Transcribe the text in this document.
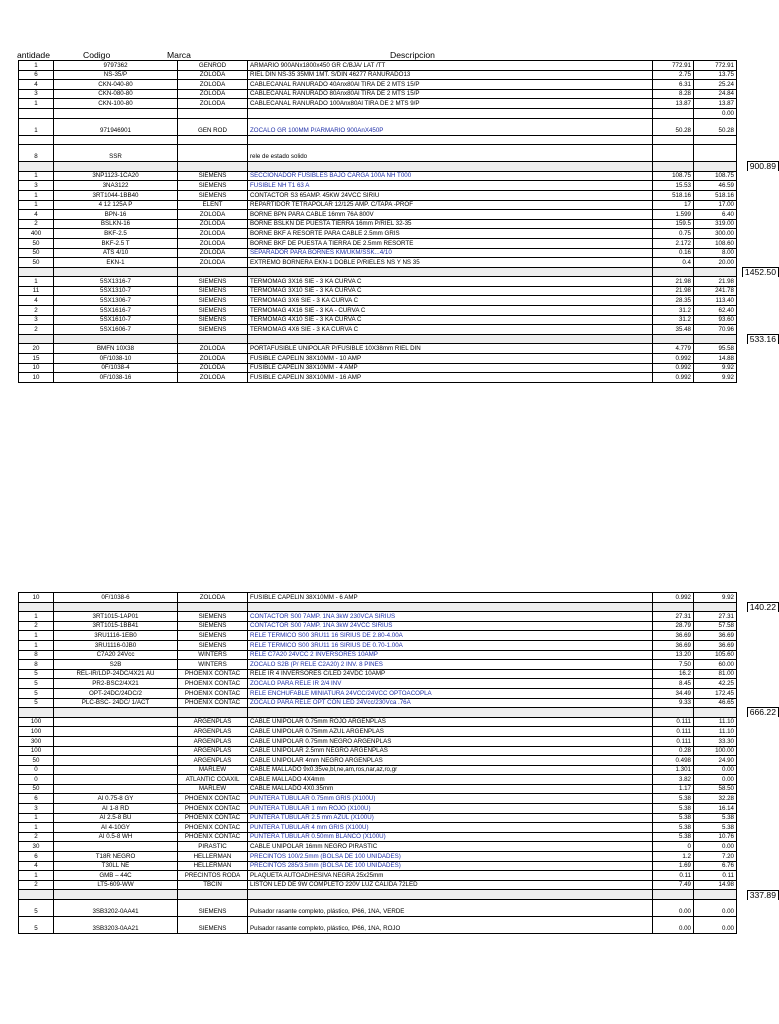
antidade	Codigo	Marca	Descripcion
1	9797362	GENROD	ARMARIO 900ANx1800x450 GR C/BJA/ LAT /TT	772.91	772.91	
6	NS-35/P	ZOLODA	RIEL DIN NS-35 35MM 1MT. S/DIN 46277 RANURADO13	2.75	13.75	
4	CKN-040-80	ZOLODA	CABLECANAL RANURADO 40Anx80Al TIRA DE 2 MTS 15/P	6.31	25.24	
3	CKN-080-80	ZOLODA	CABLECANAL RANURADO 80Anx80Al TIRA DE 2 MTS 15/P	8.28	24.84	
1	CKN-100-80	ZOLODA	CABLECANAL RANURADO 100Anx80Al TIRA DE 2 MTS 9/P	13.87	13.87	
					0.00	
1	971946901	GEN ROD	ZOCALO GR 100MM P/ARMARIO 900AnX450P	50.28	50.28	

8	SSR		rele de estado solido			

						900.89

1	3NP1123-1CA20	SIEMENS	SECCIONADOR FUSIBLES BAJO CARGA 100A NH T000	108.75	108.75	
3	3NA3122	SIEMENS	FUSIBLE NH T1 63 A	15.53	46.59	
1	3RT1044-1BB40	SIEMENS	CONTACTOR S3 65AMP. 45KW 24VCC SIRIU	518.16	518.16	
1	4 12 125A P	ELENT	REPARTIDOR TETRAPOLAR 12/125 AMP. C/TAPA -PROF	17	17.00	
4	BPN-16	ZOLODA	BORNE BPN PARA CABLE 16mm 76A 800V	1.599	6.40	
2	BSLKN-16	ZOLODA	BORNE BSLKN DE PUESTA TIERRA 16mm P/RIEL 32-35	159.5	319.00	
400	BKF-2.5	ZOLODA	BORNE BKF A RESORTE PARA CABLE 2.5mm GRIS	0.75	300.00	
50	BKF-2.5 T	ZOLODA	BORNE BKF DE PUESTA A TIERRA DE 2.5mm RESORTE	2.172	108.60	
50	ATS 4/10	ZOLODA	SEPARADOR PARA BORNES KM/UKM/SSK...4/10	0.16	8.00	
50	EKN-1	ZOLODA	EXTREMO BORNERA EKN-1 DOBLE P/RIELES NS Y NS 35	0.4	20.00	

						1452.50

1	5SX1316-7	SIEMENS	TERMOMAG 3X16 SIE - 3 KA CURVA C	21.98	21.98	
11	5SX1310-7	SIEMENS	TERMOMAG 3X10 SIE - 3 KA CURVA C	21.98	241.78	
4	5SX1306-7	SIEMENS	TERMOMAG 3X6 SIE - 3 KA CURVA C	28.35	113.40	
2	5SX1616-7	SIEMENS	TERMOMAG 4X16 SIE - 3 KA - CURVA C	31.2	62.40	
3	5SX1610-7	SIEMENS	TERMOMAG 4X10 SIE - 3 KA CURVA C	31.2	93.60	
2	5SX1606-7	SIEMENS	TERMOMAG 4X6 SIE - 3 KA CURVA C	35.48	70.96	

						533.16

20	BMFN 10X38	ZOLODA	PORTAFUSIBLE UNIPOLAR P/FUSIBLE 10X38mm RIEL DIN	4.779	95.58	
15	0F/1038-10	ZOLODA	FUSIBLE CAPELIN 38X10MM - 10 AMP	0.992	14.88	
10	0F/1038-4	ZOLODA	FUSIBLE CAPELIN 38X10MM - 4 AMP	0.992	9.92	
10	0F/1038-16	ZOLODA	FUSIBLE CAPELIN 38X10MM - 16 AMP	0.992	9.92	
10	0F/1038-6	ZOLODA	FUSIBLE CAPELIN 38X10MM - 6 AMP	0.992	9.92	

						140.22

1	3RT1015-1AP01	SIEMENS	CONTACTOR S00 7AMP. 1NA 3kW 230VCA SIRIUS	27.31	27.31	
2	3RT1015-1BB41	SIEMENS	CONTACTOR S00 7AMP. 1NA 3kW 24VCC SIRIUS	28.79	57.58	
1	3RU1116-1EB0	SIEMENS	RELE TERMICO S00 3RU11 16 SIRIUS DE 2.80-4.00A	36.69	36.69	
1	3RU1116-0JB0	SIEMENS	RELE TERMICO S00 3RU11 16 SIRIUS DE 0.70-1.00A	36.69	36.69	
8	C7A20 24Vcc	WINTERS	RELE C7A20 24VCC 2 INVERSORES 10AMP	13.20	105.60	
8	S2B	WINTERS	ZOCALO S2B (P/ RELE C2A20) 2 INV. 8 PINES	7.50	60.00	
5	REL-IR/LDP-24DC/4X21 AU	PHOENIX CONTAC	RELE IR 4 INVERSORES C/LED 24VDC 10AMP	16.2	81.00	
5	PR2-BSC2/4X21	PHOENIX CONTAC	ZOCALO PARA RELE IR 2/4 INV	8.45	42.25	
5	OPT-24DC/24DC/2	PHOENIX CONTAC	RELE ENCHUFABLE MINIATURA 24VCC/24VCC OPTOACOPLA	34.49	172.45	
5	PLC-BSC- 24DC/ 1/ACT	PHOENIX CONTAC	ZOCALO PARA RELE OPT CON LED 24Vcc/230Vca .76A	9.33	46.65	

						666.22

100		ARGENPLAS	CABLE UNIPOLAR 0.75mm ROJO ARGENPLAS	0.111	11.10	
100		ARGENPLAS	CABLE UNIPOLAR 0.75mm AZUL ARGENPLAS	0.111	11.10	
300		ARGENPLAS	CABLE UNIPOLAR 0.75mm NEGRO ARGENPLAS	0.111	33.30	
100		ARGENPLAS	CABLE UNIPOLAR 2.5mm NEGRO ARGENPLAS	0.28	100.00	
50		ARGENPLAS	CABLE UNIPOLAR 4mm NEGRO ARGENPLAS	0.498	24.90	
0		MARLEW	CABLE MALLADO 9x0.35ve,bl,ne,am,ros,nar,az,ro,gr	1.301	0.00	
0		ATLANTIC COAXIL	CABLE MALLADO 4X4mm	3.82	0.00	
50		MARLEW	CABLE MALLADO 4X0.35mm	1.17	58.50	
6	AI 0.75-8 GY	PHOENIX CONTAC	PUNTERA TUBULAR 0.75mm GRIS (X100U)	5.38	32.28	
3	AI 1-8 RD	PHOENIX CONTAC	PUNTERA TUBULAR 1 mm ROJO (X100U)	5.38	16.14	
1	AI 2.5-8 BU	PHOENIX CONTAC	PUNTERA TUBULAR 2.5 mm AZUL (X100U)	5.38	5.38	
1	AI 4-10GY	PHOENIX CONTAC	PUNTERA TUBULAR 4 mm GRIS (X100U)	5.38	5.38	
2	AI 0.5-8 WH	PHOENIX CONTAC	PUNTERA TUBULAR 0.50mm BLANCO (X100U)	5.38	10.76	
30		PIRASTIC	CABLE UNIPOLAR 16mm NEGRO PIRASTIC	0	0.00	
6	T18R NEGRO	HELLERMAN	PRECINTOS 100/2.5mm (BOLSA DE 100 UNIDADES)	1.2	7.20	
4	T30LL NE	HELLERMAN	PRECINTOS 285/3.5mm (BOLSA DE 100 UNIDADES)	1.69	6.76	
1	GMB – 44C	PRECINTOS RODA	PLAQUETA AUTOADHESIVA NEGRA 25x25mm	0.11	0.11	
2	LT5-609-WW	TBCIN	LISTON LED DE 9W COMPLETO 220V LUZ CALIDA 72LED	7.49	14.98	

						337.89

5	3SB3202-0AA41	SIEMENS	Pulsador rasante completo, plástico, IP66, 1NA, VERDE	0.00	0.00	
5	3SB3203-0AA21	SIEMENS	Pulsador rasante completo, plástico, IP66, 1NA, ROJO	0.00	0.00	
